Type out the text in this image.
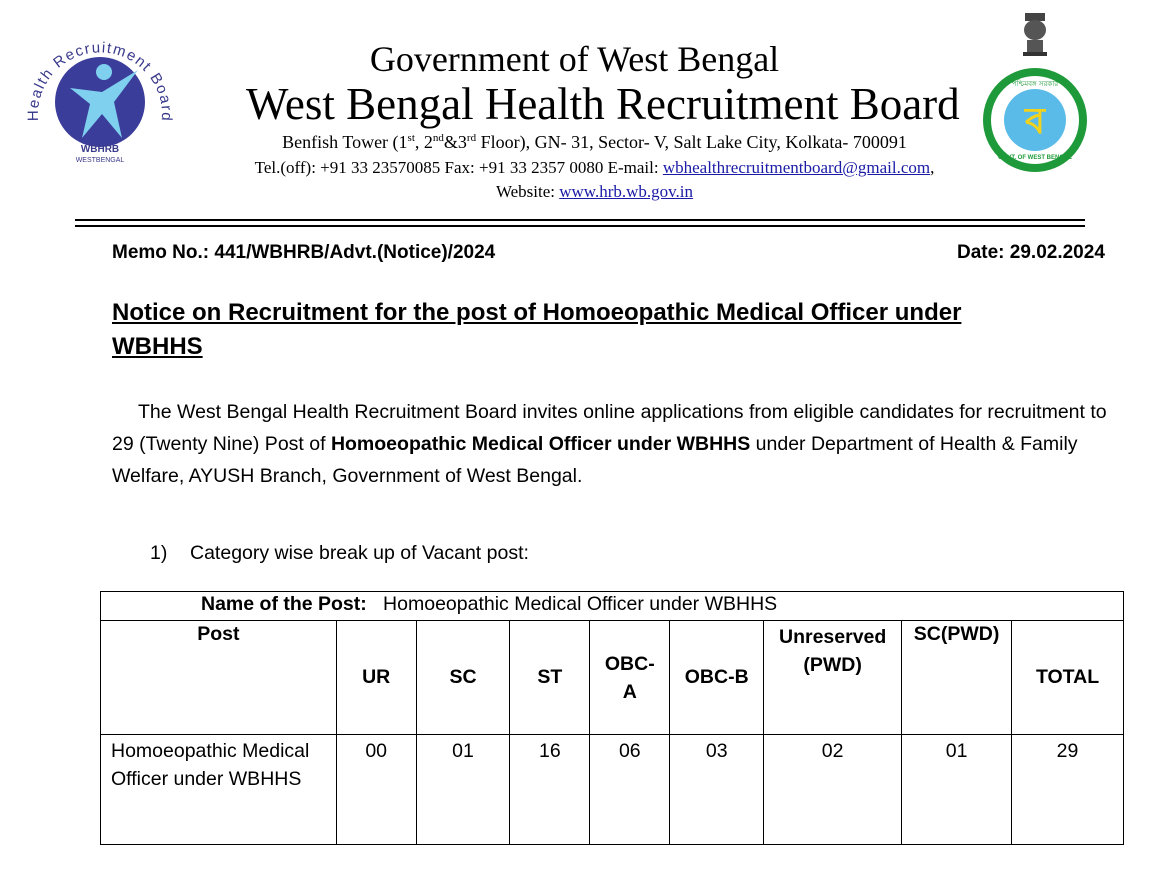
Health Recruitment Board
WBHRB
WESTBENGAL
ব
পশ্চিমবঙ্গ সরকার
GOVT. OF WEST BENGAL
Government of West Bengal
West Bengal Health Recruitment Board
Benfish Tower (1st, 2nd&3rd Floor), GN- 31, Sector- V, Salt Lake City, Kolkata- 700091
Tel.(off): +91 33 23570085 Fax: +91 33 2357 0080 E-mail: wbhealthrecruitmentboard@gmail.com,
Website: www.hrb.wb.gov.in
Memo No.: 441/WBHRB/Advt.(Notice)/2024	Date: 29.02.2024
Notice on Recruitment for the post of Homoeopathic Medical Officer under WBHHS
The West Bengal Health Recruitment Board invites online applications from eligible candidates for recruitment to 29 (Twenty Nine) Post of Homoeopathic Medical Officer under WBHHS under Department of Health & Family Welfare, AYUSH Branch, Government of West Bengal.
1) Category wise break up of Vacant post:
Name of the Post: Homoeopathic Medical Officer under WBHHS								
Post	UR	SC	ST	OBC-A	OBC-B	Unreserved (PWD)	SC(PWD)	TOTAL
Homoeopathic Medical Officer under WBHHS	00	01	16	06	03	02	01	29
